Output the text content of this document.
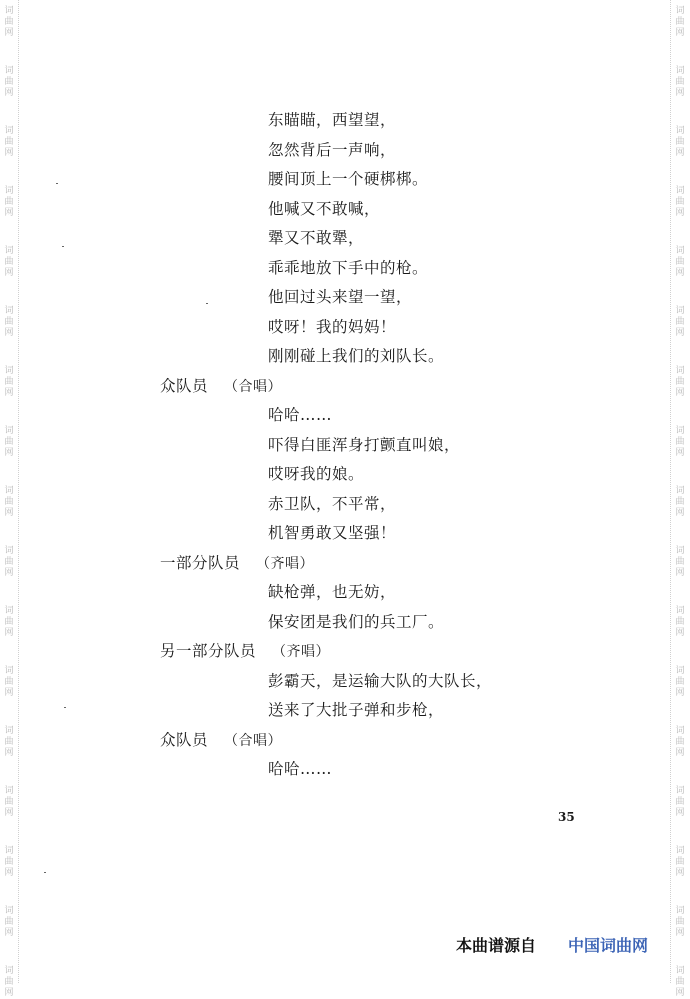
词
曲
网
词
曲
网
词
曲
网
词
曲
网
词
曲
网
词
曲
网
词
曲
网
词
曲
网
词
曲
网
词
曲
网
词
曲
网
词
曲
网
词
曲
网
词
曲
网
词
曲
网
词
曲
网
词
曲
网
词
曲
网
词
曲
网
词
曲
网
词
曲
网
词
曲
网
词
曲
网
词
曲
网
词
曲
网
词
曲
网
词
曲
网
词
曲
网
词
曲
网
词
曲
网
词
曲
网
词
曲
网
词
曲
网
词
曲
网
东瞄瞄，西望望，
忽然背后一声响，
腰间顶上一个硬梆梆。
他喊又不敢喊，
犟又不敢犟，
乖乖地放下手中的枪。
他回过头来望一望，
哎呀！我的妈妈！
刚刚碰上我们的刘队长。
众队员 （合唱）
哈哈……
吓得白匪浑身打颤直叫娘，
哎呀我的娘。
赤卫队，不平常，
机智勇敢又坚强！
一部分队员 （齐唱）
缺枪弹，也无妨，
保安团是我们的兵工厂。
另一部分队员 （齐唱）
彭霸天，是运输大队的大队长，
送来了大批子弹和步枪，
众队员 （合唱）
哈哈……
35
本曲谱源自 中国词曲网
